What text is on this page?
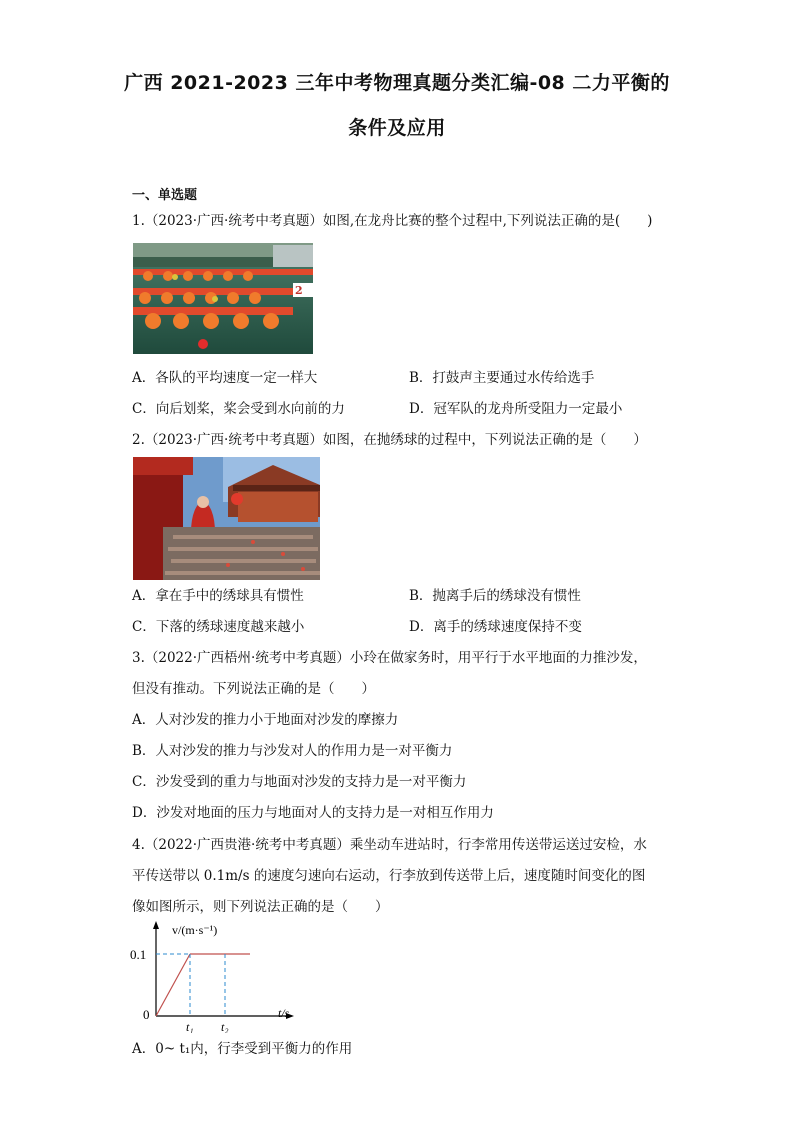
广西 2021-2023 三年中考物理真题分类汇编-08 二力平衡的
条件及应用
一、单选题
1.（2023·广西·统考中考真题）如图,在龙舟比赛的整个过程中,下列说法正确的是(　　)
2
A．各队的平均速度一定一样大	B．打鼓声主要通过水传给选手
C．向后划桨，桨会受到水向前的力	D．冠军队的龙舟所受阻力一定最小
2.（2023·广西·统考中考真题）如图，在抛绣球的过程中，下列说法正确的是（　　）
A．拿在手中的绣球具有惯性	B．抛离手后的绣球没有惯性
C．下落的绣球速度越来越小	D．离手的绣球速度保持不变
3.（2022·广西梧州·统考中考真题）小玲在做家务时，用平行于水平地面的力推沙发，
但没有推动。下列说法正确的是（　　）
A．人对沙发的推力小于地面对沙发的摩擦力
B．人对沙发的推力与沙发对人的作用力是一对平衡力
C．沙发受到的重力与地面对沙发的支持力是一对平衡力
D．沙发对地面的压力与地面对人的支持力是一对相互作用力
4.（2022·广西贵港·统考中考真题）乘坐动车进站时，行李常用传送带运送过安检，水
平传送带以 0.1m/s 的速度匀速向右运动，行李放到传送带上后，速度随时间变化的图
像如图所示，则下列说法正确的是（　　）
v/(m·s⁻¹)
0.1
0
t₁ t₂
t/s
A．0~ t₁内，行李受到平衡力的作用
